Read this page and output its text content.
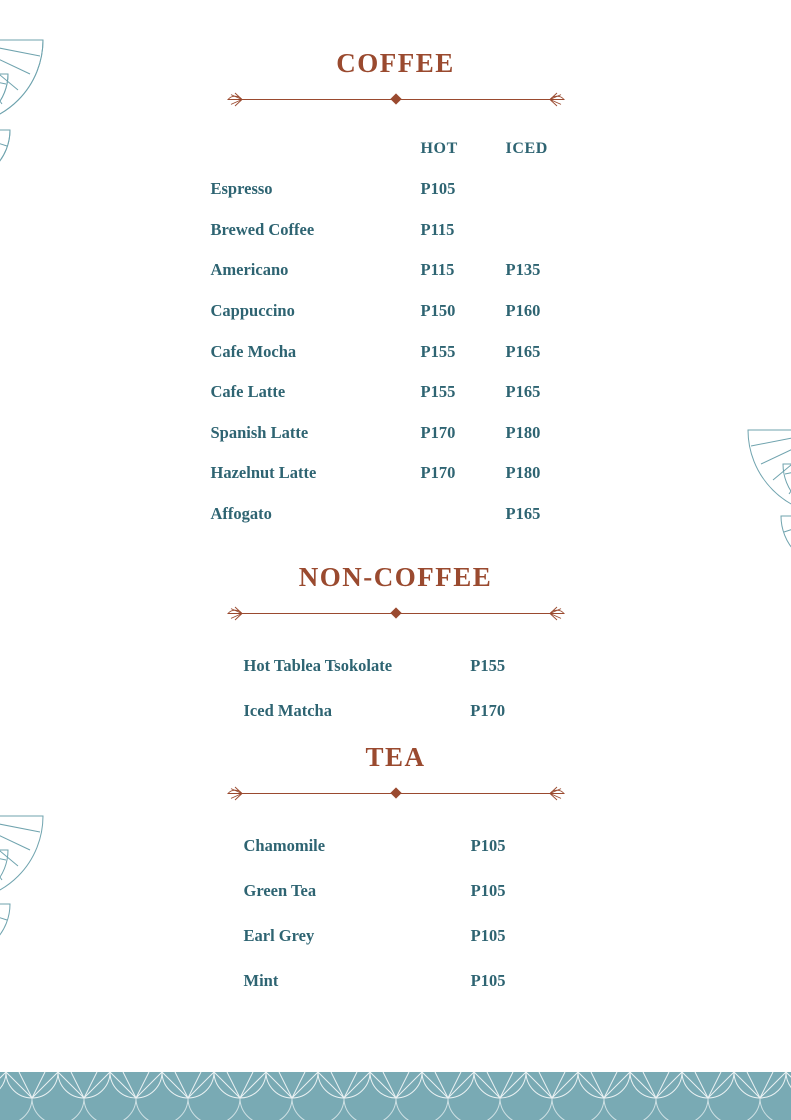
COFFEE
	HOT	ICED
Espresso	P105	
Brewed Coffee	P115	
Americano	P115	P135
Cappuccino	P150	P160
Cafe Mocha	P155	P165
Cafe Latte	P155	P165
Spanish Latte	P170	P180
Hazelnut Latte	P170	P180
Affogato		P165
NON-COFFEE
Hot Tablea Tsokolate	P155
Iced Matcha	P170
TEA
Chamomile	P105
Green Tea	P105
Earl Grey	P105
Mint	P105
